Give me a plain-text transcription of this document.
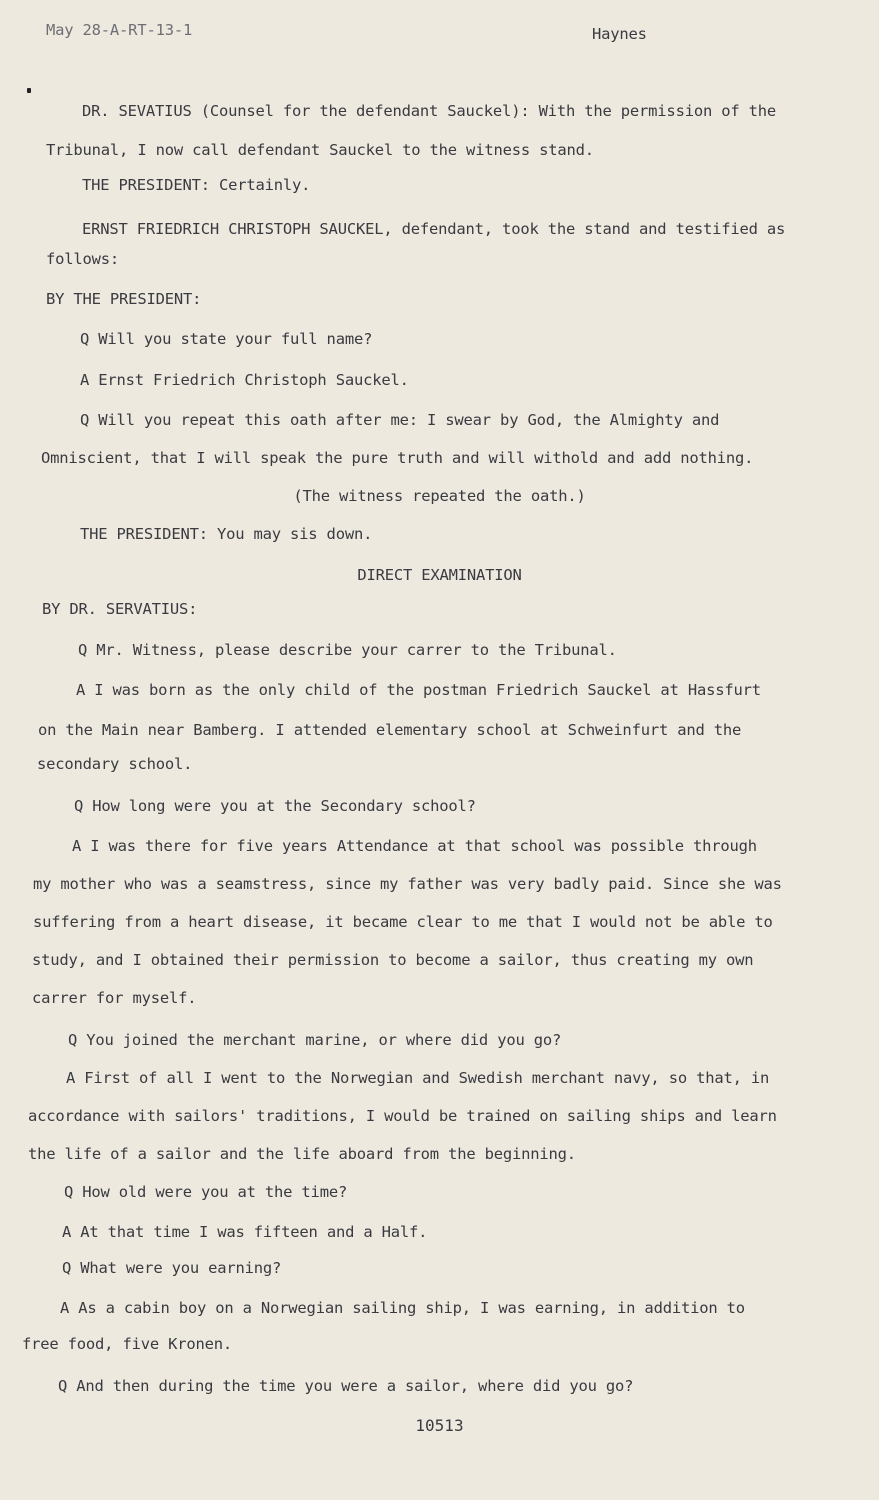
May 28-A-RT-13-1	Haynes
DR. SEVATIUS (Counsel for the defendant Sauckel): With the permission of the
Tribunal, I now call defendant Sauckel to the witness stand.
THE PRESIDENT: Certainly.
ERNST FRIEDRICH CHRISTOPH SAUCKEL, defendant, took the stand and testified as
follows:
BY THE PRESIDENT:
Q Will you state your full name?
A Ernst Friedrich Christoph Sauckel.
Q Will you repeat this oath after me: I swear by God, the Almighty and
Omniscient, that I will speak the pure truth and will withold and add nothing.
(The witness repeated the oath.)
THE PRESIDENT: You may sis down.
DIRECT EXAMINATION
BY DR. SERVATIUS:
Q Mr. Witness, please describe your carrer to the Tribunal.
A I was born as the only child of the postman Friedrich Sauckel at Hassfurt
on the Main near Bamberg. I attended elementary school at Schweinfurt and the
secondary school.
Q How long were you at the Secondary school?
A I was there for five years Attendance at that school was possible through
my mother who was a seamstress, since my father was very badly paid. Since she was
suffering from a heart disease, it became clear to me that I would not be able to
study, and I obtained their permission to become a sailor, thus creating my own
carrer for myself.
Q You joined the merchant marine, or where did you go?
A First of all I went to the Norwegian and Swedish merchant navy, so that, in
accordance with sailors' traditions, I would be trained on sailing ships and learn
the life of a sailor and the life aboard from the beginning.
Q How old were you at the time?
A At that time I was fifteen and a Half.
Q What were you earning?
A As a cabin boy on a Norwegian sailing ship, I was earning, in addition to
free food, five Kronen.
Q And then during the time you were a sailor, where did you go?
10513
